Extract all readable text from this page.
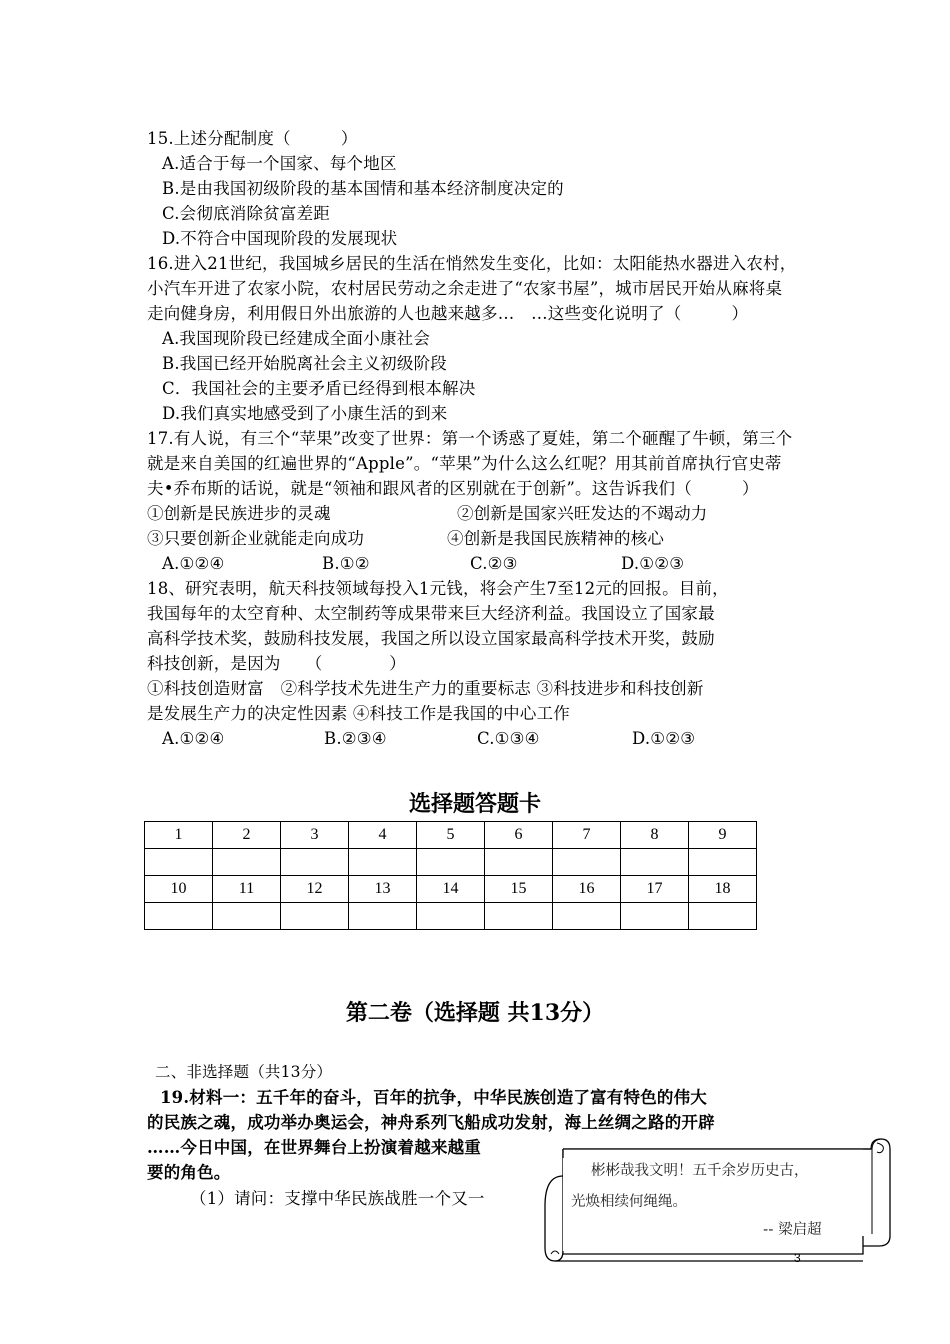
15.上述分配制度（　　　）
A.适合于每一个国家、每个地区
B.是由我国初级阶段的基本国情和基本经济制度决定的
C.会彻底消除贫富差距
D.不符合中国现阶段的发展现状
16.进入21世纪，我国城乡居民的生活在悄然发生变化，比如：太阳能热水器进入农村，
小汽车开进了农家小院，农村居民劳动之余走进了“农家书屋”，城市居民开始从麻将桌
走向健身房，利用假日外出旅游的人也越来越多…　…这些变化说明了（　　　）
A.我国现阶段已经建成全面小康社会
B.我国已经开始脱离社会主义初级阶段
C．我国社会的主要矛盾已经得到根本解决
D.我们真实地感受到了小康生活的到来
17.有人说，有三个“苹果”改变了世界：第一个诱惑了夏娃，第二个砸醒了牛顿，第三个
就是来自美国的红遍世界的“Apple”。“苹果”为什么这么红呢？用其前首席执行官史蒂
夫•乔布斯的话说，就是“领袖和跟风者的区别就在于创新”。这告诉我们（　　　）
①创新是民族进步的灵魂	②创新是国家兴旺发达的不竭动力
③只要创新企业就能走向成功	④创新是我国民族精神的核心
A.①②④	B.①②	C.②③	D.①②③
18、研究表明，航天科技领域每投入1元钱，将会产生7至12元的回报。目前，
我国每年的太空育种、太空制药等成果带来巨大经济利益。我国设立了国家最
高科学技术奖，鼓励科技发展，我国之所以设立国家最高科学技术开奖，鼓励
科技创新，是因为　　（　　　　）
①科技创造财富　②科学技术先进生产力的重要标志 ③科技进步和科技创新
是发展生产力的决定性因素 ④科技工作是我国的中心工作
A.①②④	B.②③④	C.①③④	D.①②③
选择题答题卡
1	2	3	4	5	6	7	8	9

10	11	12	13	14	15	16	17	18

第二卷（选择题 共13分）
二、非选择题（共13分）
19.材料一：五千年的奋斗，百年的抗争，中华民族创造了富有特色的伟大
的民族之魂，成功举办奥运会，神舟系列飞船成功发射，海上丝绸之路的开辟
……今日中国，在世界舞台上扮演着越来越重
要的角色。
（1）请问：支撑中华民族战胜一个又一
彬彬哉我文明！五千余岁历史古，
光焕相续何绳绳。
-- 梁启超
3
